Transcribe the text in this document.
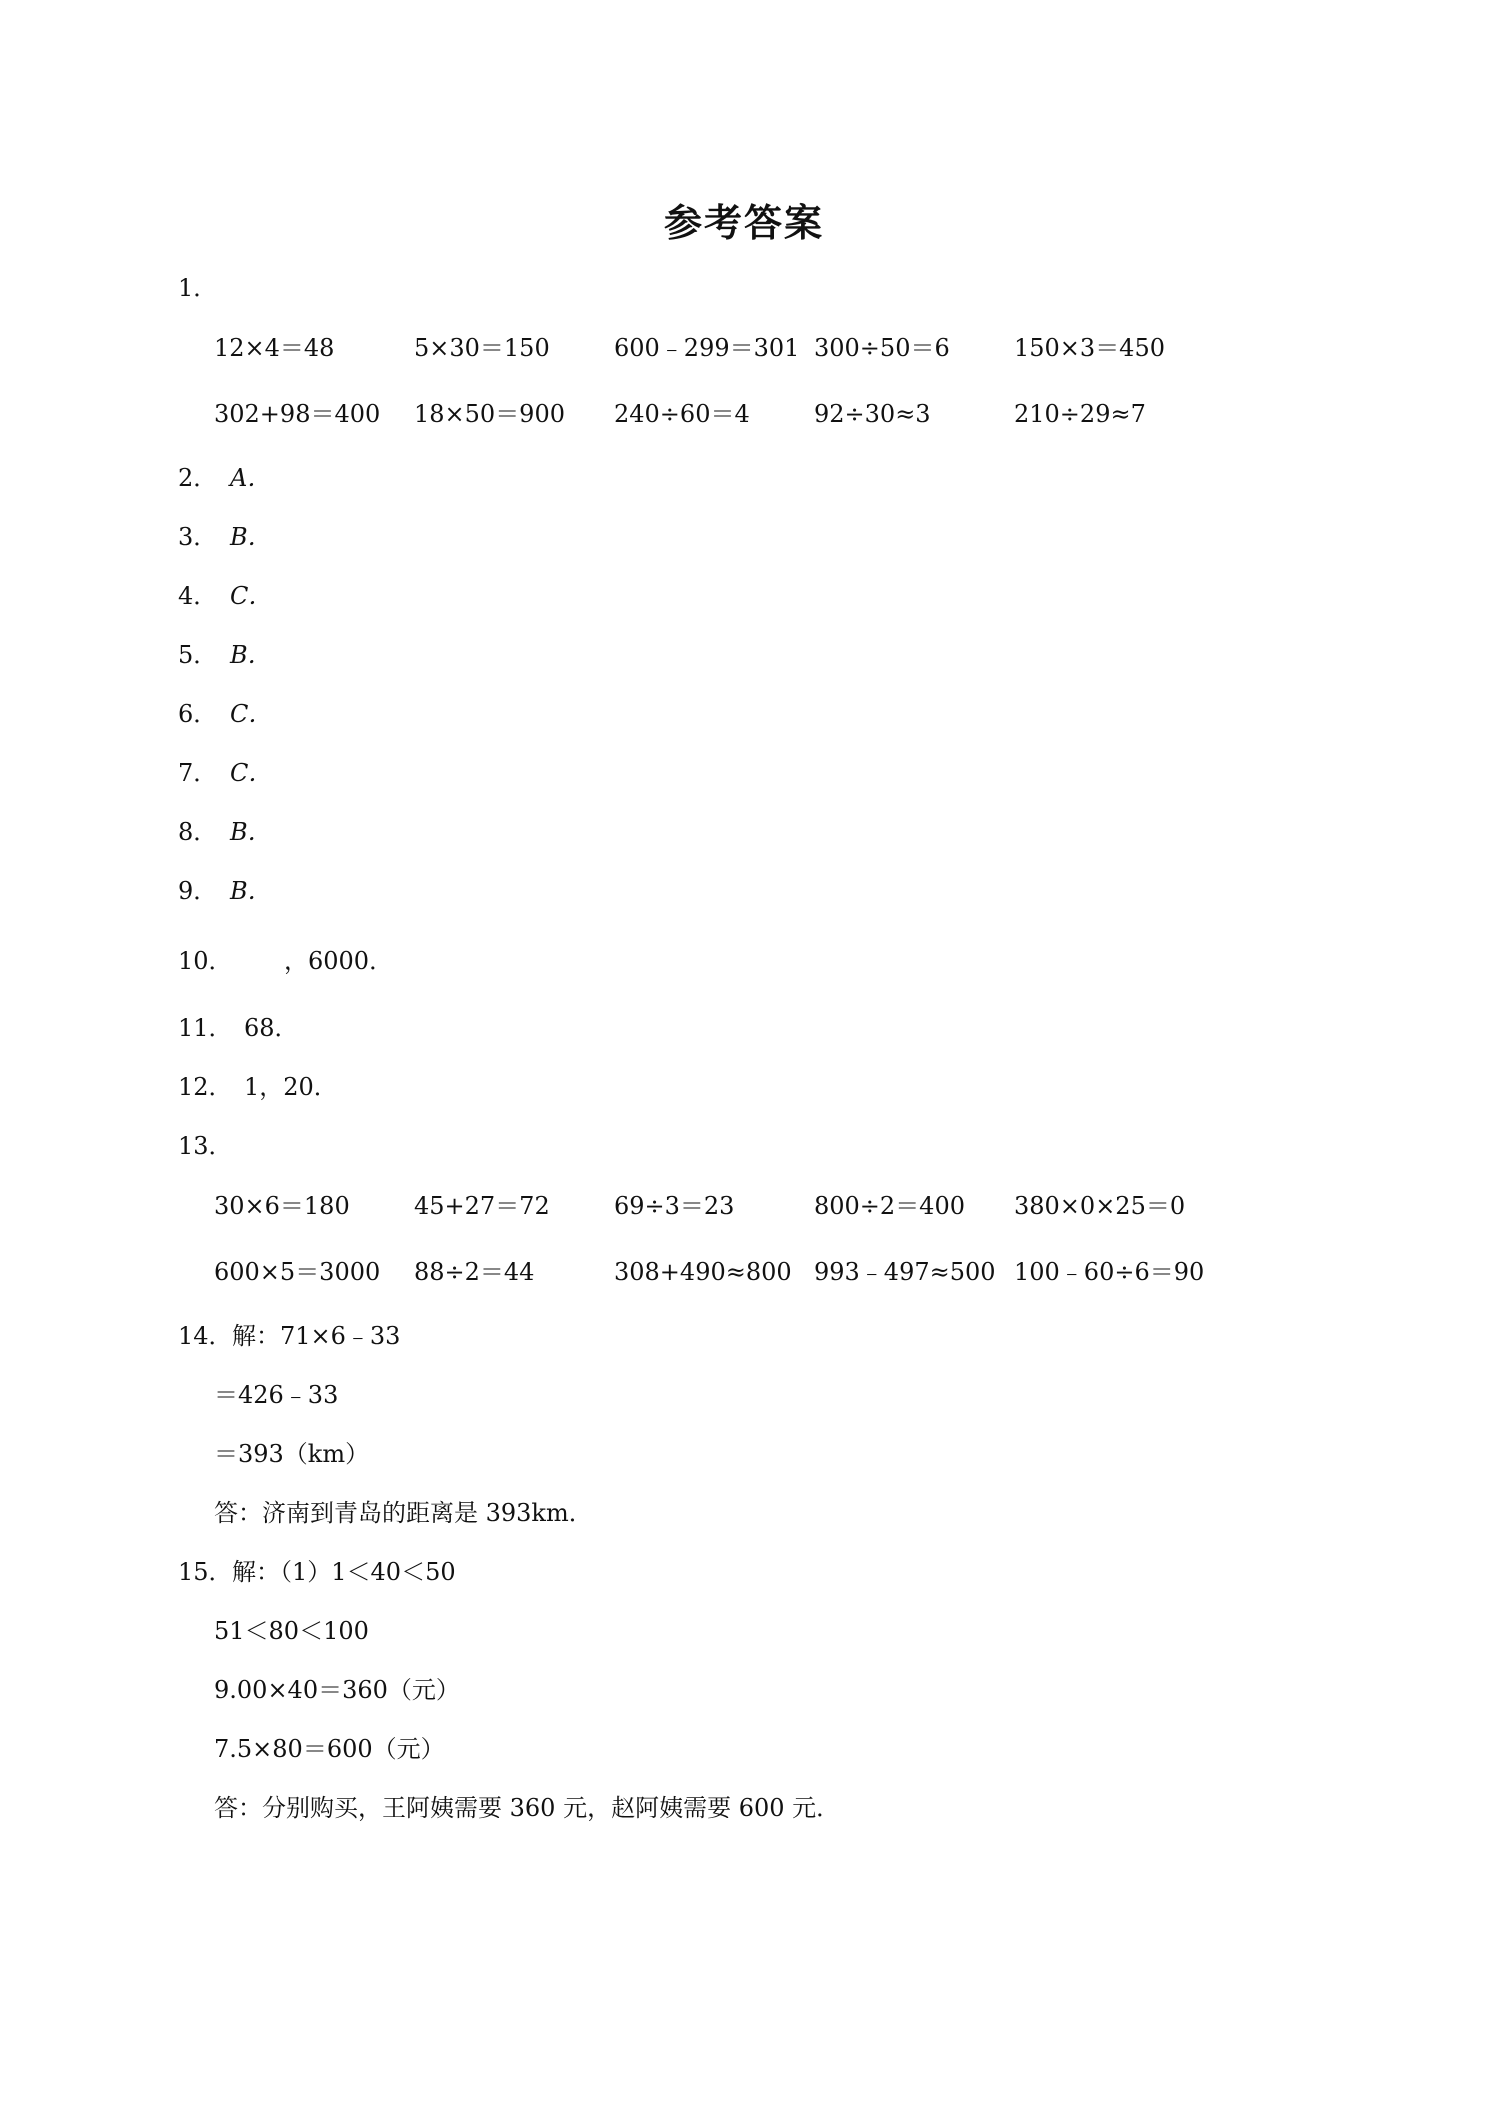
参考答案
1．
12×4＝48	5×30＝150	600﹣299＝301 300÷50＝6	150×3＝450
302+98＝400 18×50＝900 240÷60＝4	92÷30≈3	210÷29≈7
2． A．
3． B．
4． C．
5． B．
6． C．
7． C．
8． B．
9． B．
10． ，6000．
11． 68．
12． 1，20．
13．
30×6＝180	45+27＝72	69÷3＝23	800÷2＝400 380×0×25＝0
600×5＝3000 88÷2＝44	308+490≈800 993﹣497≈500 100﹣60÷6＝90
14． 解：71×6﹣33
＝426﹣33
＝393（km）
答：济南到青岛的距离是 393km．
15． 解：（1）1＜40＜50
51＜80＜100
9.00×40＝360（元）
7.5×80＝600（元）
答：分别购买，王阿姨需要 360 元，赵阿姨需要 600 元．
